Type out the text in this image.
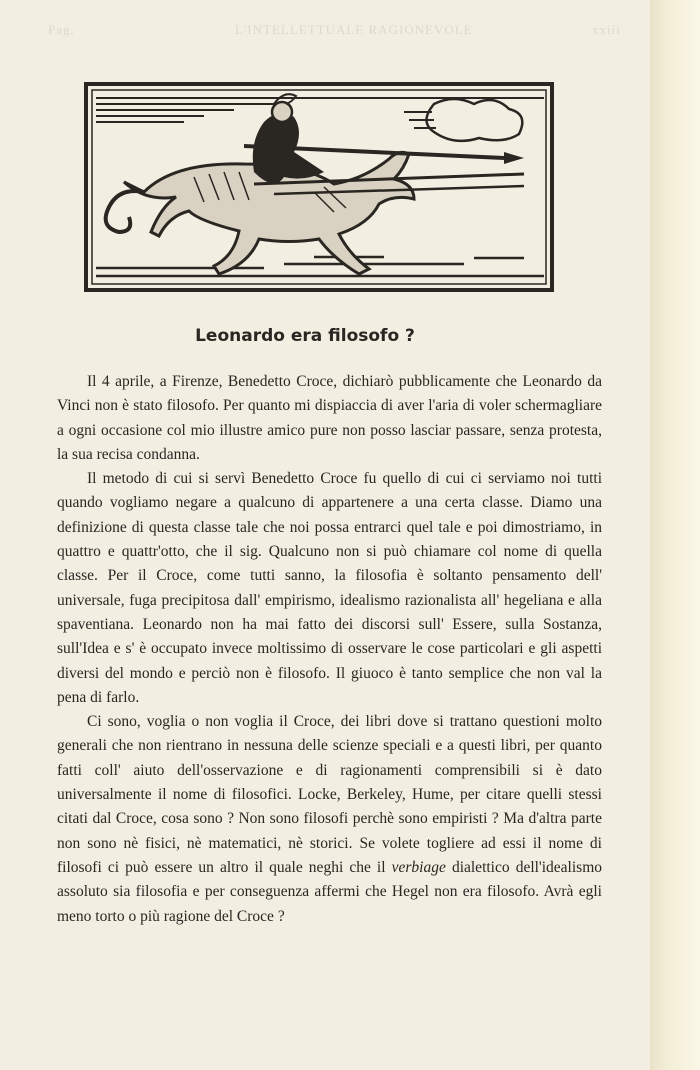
Pag.	L'INTELLETTUALE RAGIONEVOLE	xxiii
Leonardo era filosofo ?

Il 4 aprile, a Firenze, Benedetto Croce, dichiarò pubblicamente che Leonardo da Vinci non è stato filosofo. Per quanto mi dispiaccia di aver l'aria di voler schermagliare a ogni occasione col mio illustre amico pure non posso lasciar passare, senza protesta, la sua recisa condanna.

Il metodo di cui si servì Benedetto Croce fu quello di cui ci serviamo noi tutti quando vogliamo negare a qualcuno di appartenere a una certa classe. Diamo una definizione di questa classe tale che noi possa entrarci quel tale e poi dimostriamo, in quattro e quattr'otto, che il sig. Qualcuno non si può chiamare col nome di quella classe. Per il Croce, come tutti sanno, la filosofia è soltanto pensamento dell' universale, fuga precipitosa dall' empirismo, idealismo razionalista all' hegeliana e alla spaventiana. Leonardo non ha mai fatto dei discorsi sull' Essere, sulla Sostanza, sull'Idea e s' è occupato invece moltissimo di osservare le cose particolari e gli aspetti diversi del mondo e perciò non è filosofo. Il giuoco è tanto semplice che non val la pena di farlo.

Ci sono, voglia o non voglia il Croce, dei libri dove si trattano questioni molto generali che non rientrano in nessuna delle scienze speciali e a questi libri, per quanto fatti coll' aiuto dell'osservazione e di ragionamenti comprensibili si è dato universalmente il nome di filosofici. Locke, Berkeley, Hume, per citare quelli stessi citati dal Croce, cosa sono ? Non sono filosofi perchè sono empiristi ? Ma d'altra parte non sono nè fisici, nè matematici, nè storici. Se volete togliere ad essi il nome di filosofi ci può essere un altro il quale neghi che il verbiage dialettico dell'idealismo assoluto sia filosofia e per conseguenza affermi che Hegel non era filosofo. Avrà egli meno torto o più ragione del Croce ?
